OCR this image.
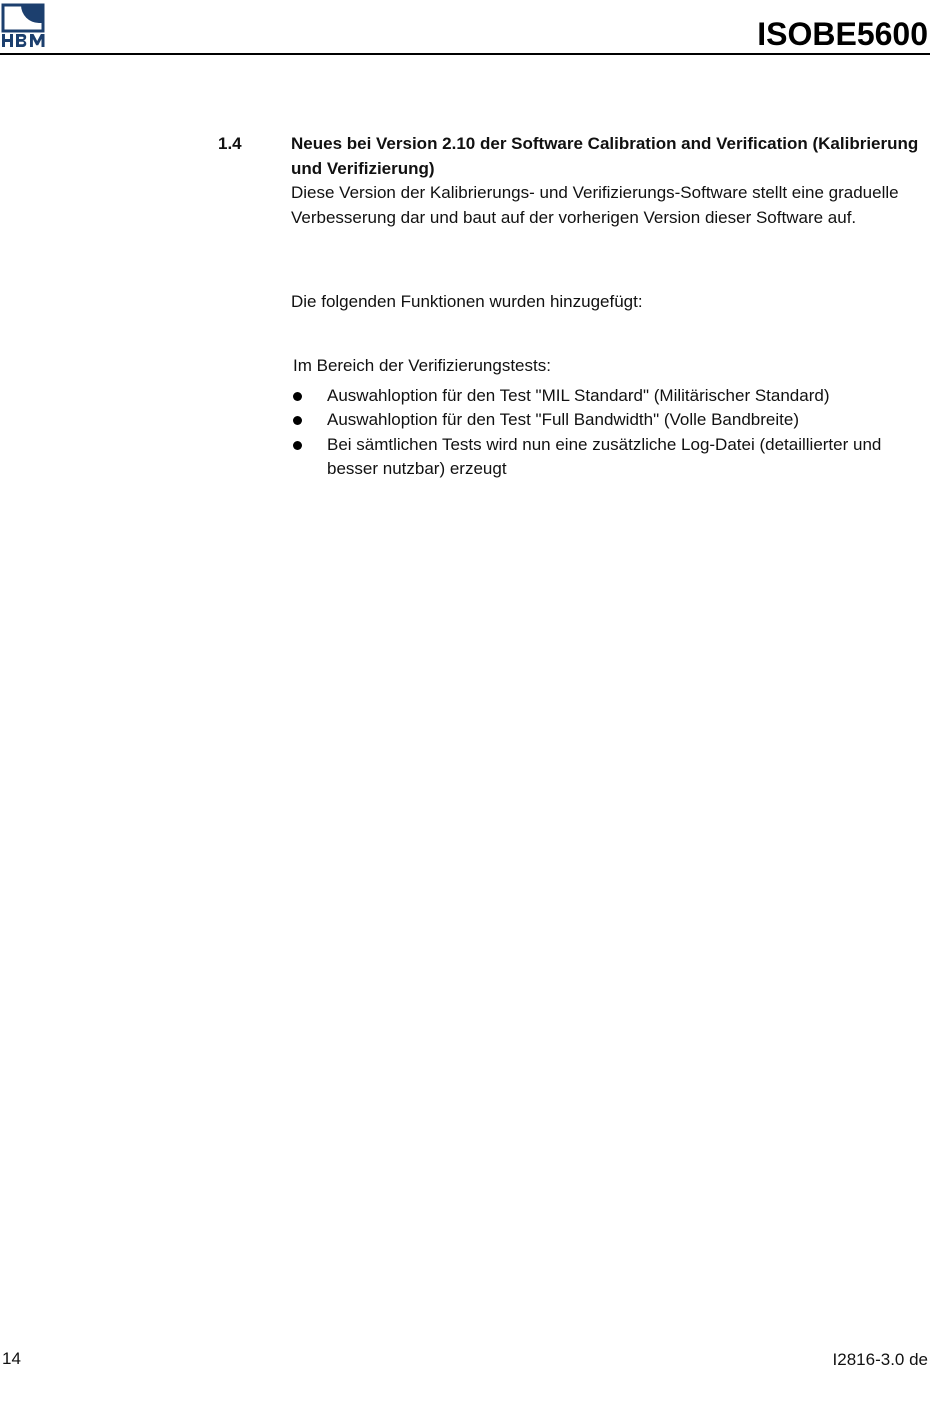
ISOBE5600
1.4	Neues bei Version 2.10 der Software Calibration and Verification (Kalibrierung und Verifizierung)

Diese Version der Kalibrierungs- und Verifizierungs-Software stellt eine graduelle Verbesserung dar und baut auf der vorherigen Version dieser Software auf.

Die folgenden Funktionen wurden hinzugefügt:

Im Bereich der Verifizierungstests:

Auswahloption für den Test "MIL Standard" (Militärischer Standard)
Auswahloption für den Test "Full Bandwidth" (Volle Bandbreite)
Bei sämtlichen Tests wird nun eine zusätzliche Log-Datei (detaillierter und besser nutzbar) erzeugt
14	I2816-3.0 de
